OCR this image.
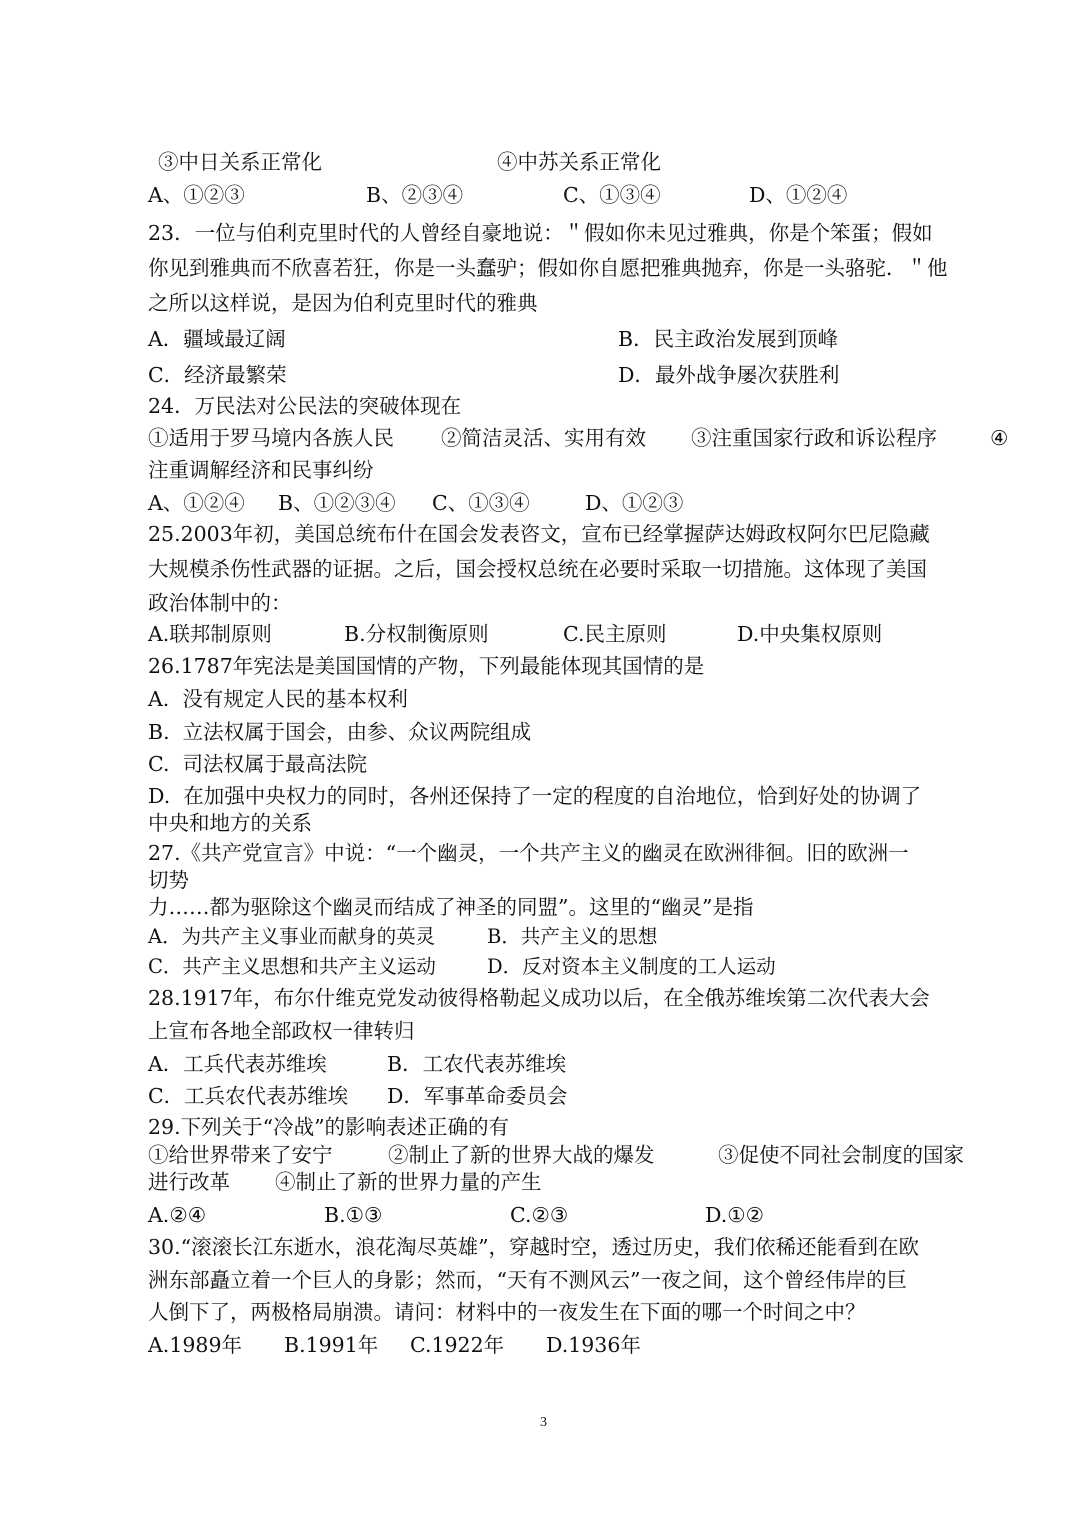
③中日关系正常化	④中苏关系正常化
A、①②③	B、②③④	C、①③④	D、①②④
23．一位与伯利克里时代的人曾经自豪地说：＂假如你未见过雅典，你是个笨蛋；假如
你见到雅典而不欣喜若狂，你是一头蠢驴；假如你自愿把雅典抛弃，你是一头骆驼．＂他
之所以这样说，是因为伯利克里时代的雅典
A．疆域最辽阔	B．民主政治发展到顶峰
C．经济最繁荣	D．最外战争屡次获胜利
24．万民法对公民法的突破体现在
①适用于罗马境内各族人民 ②简洁灵活、实用有效 ③注重国家行政和诉讼程序	④
注重调解经济和民事纠纷
A、①②④ B、①②③④ C、①③④	D、①②③
25.2003年初，美国总统布什在国会发表咨文，宣布已经掌握萨达姆政权阿尔巴尼隐藏
大规模杀伤性武器的证据。之后，国会授权总统在必要时采取一切措施。这体现了美国
政治体制中的：
A.联邦制原则	B.分权制衡原则	C.民主原则	D.中央集权原则
26.1787年宪法是美国国情的产物，下列最能体现其国情的是
A.  没有规定人民的基本权利
B.  立法权属于国会，由参、众议两院组成
C.  司法权属于最高法院
D.  在加强中央权力的同时，各州还保持了一定的程度的自治地位，恰到好处的协调了
中央和地方的关系
27.《共产党宣言》中说：“一个幽灵，一个共产主义的幽灵在欧洲徘徊。旧的欧洲一
切势
力……都为驱除这个幽灵而结成了神圣的同盟”。这里的“幽灵”是指
A．为共产主义事业而献身的英灵	B．共产主义的思想
C．共产主义思想和共产主义运动	D．反对资本主义制度的工人运动
28.1917年，布尔什维克党发动彼得格勒起义成功以后，在全俄苏维埃第二次代表大会
上宣布各地全部政权一律转归
A．工兵代表苏维埃	B．工农代表苏维埃
C．工兵农代表苏维埃 D．军事革命委员会
29.下列关于“冷战”的影响表述正确的有
①给世界带来了安宁	②制止了新的世界大战的爆发	③促使不同社会制度的国家
进行改革 ④制止了新的世界力量的产生
A.②④	B.①③	C.②③	D.①②
30.“滚滚长江东逝水，浪花淘尽英雄”，穿越时空，透过历史，我们依稀还能看到在欧
洲东部矗立着一个巨人的身影；然而，“天有不测风云”一夜之间，这个曾经伟岸的巨
人倒下了，两极格局崩溃。请问：材料中的一夜发生在下面的哪一个时间之中？
A.1989年 B.1991年 C.1922年 D.1936年
3
